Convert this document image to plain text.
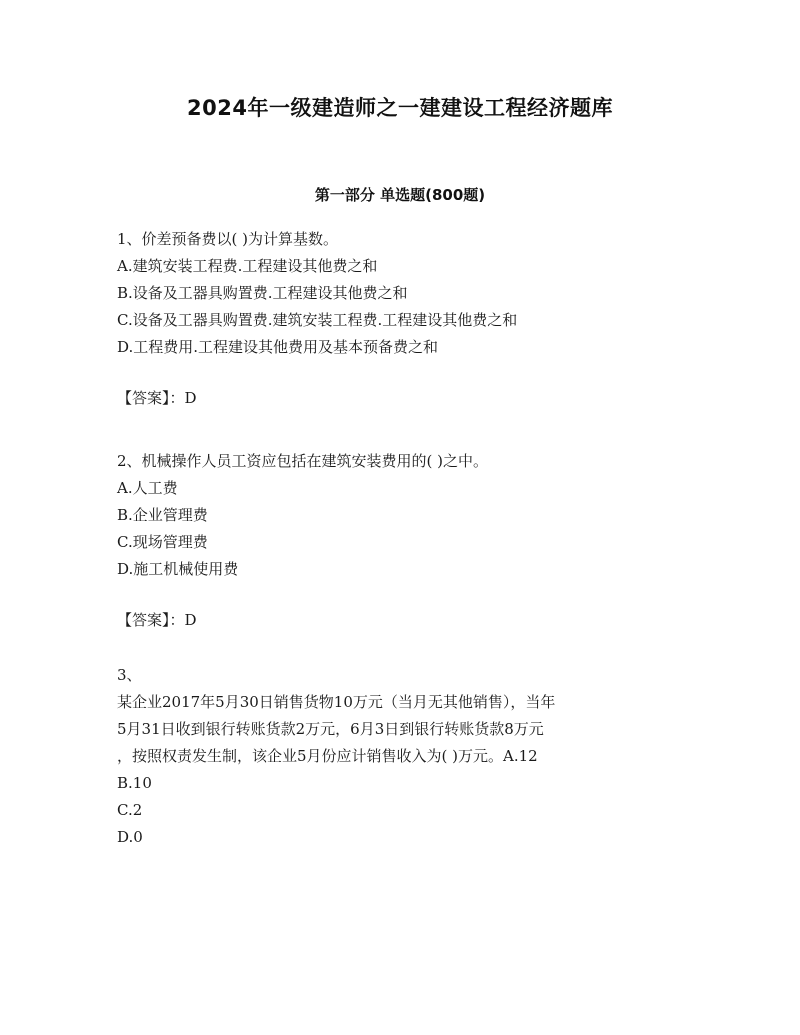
2024年一级建造师之一建建设工程经济题库
第一部分 单选题(800题)
1、价差预备费以( )为计算基数。
A.建筑安装工程费.工程建设其他费之和
B.设备及工器具购置费.工程建设其他费之和
C.设备及工器具购置费.建筑安装工程费.工程建设其他费之和
D.工程费用.工程建设其他费用及基本预备费之和
【答案】：D
2、机械操作人员工资应包括在建筑安装费用的( )之中。
A.人工费
B.企业管理费
C.现场管理费
D.施工机械使用费
【答案】：D
3、
某企业2017年5月30日销售货物10万元（当月无其他销售），当年
5月31日收到银行转账货款2万元，6月3日到银行转账货款8万元
，按照权责发生制，该企业5月份应计销售收入为( )万元。A.12
B.10
C.2
D.0
